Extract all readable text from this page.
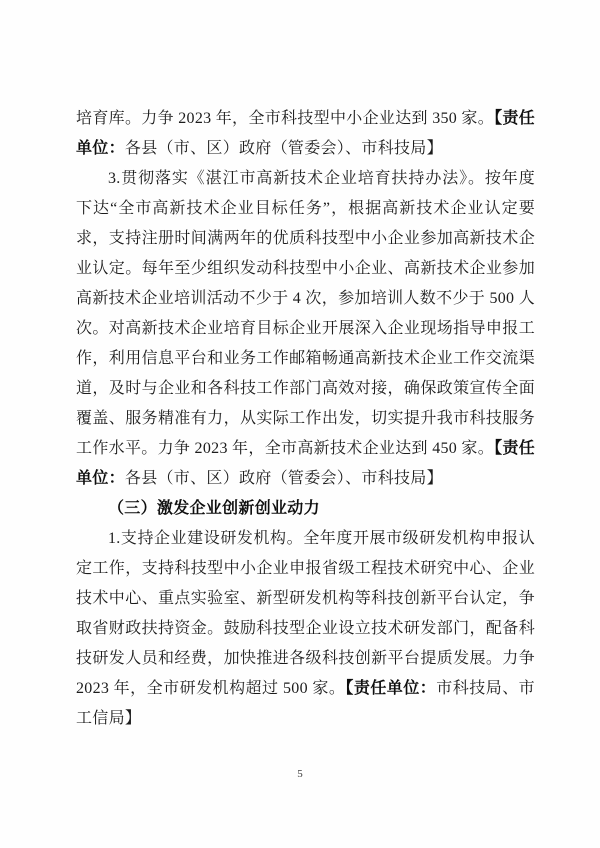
培育库。力争 2023 年，全市科技型中小企业达到 350 家。【责任
单位：各县（市、区）政府（管委会）、市科技局】
3.贯彻落实《湛江市高新技术企业培育扶持办法》。按年度
下达“全市高新技术企业目标任务”，根据高新技术企业认定要
求，支持注册时间满两年的优质科技型中小企业参加高新技术企
业认定。每年至少组织发动科技型中小企业、高新技术企业参加
高新技术企业培训活动不少于 4 次，参加培训人数不少于 500 人
次。对高新技术企业培育目标企业开展深入企业现场指导申报工
作，利用信息平台和业务工作邮箱畅通高新技术企业工作交流渠
道，及时与企业和各科技工作部门高效对接，确保政策宣传全面
覆盖、服务精准有力，从实际工作出发，切实提升我市科技服务
工作水平。力争 2023 年，全市高新技术企业达到 450 家。【责任
单位：各县（市、区）政府（管委会）、市科技局】
（三）激发企业创新创业动力
1.支持企业建设研发机构。全年度开展市级研发机构申报认
定工作，支持科技型中小企业申报省级工程技术研究中心、企业
技术中心、重点实验室、新型研发机构等科技创新平台认定，争
取省财政扶持资金。鼓励科技型企业设立技术研发部门，配备科
技研发人员和经费，加快推进各级科技创新平台提质发展。力争
2023 年，全市研发机构超过 500 家。【责任单位：市科技局、市
工信局】
5
